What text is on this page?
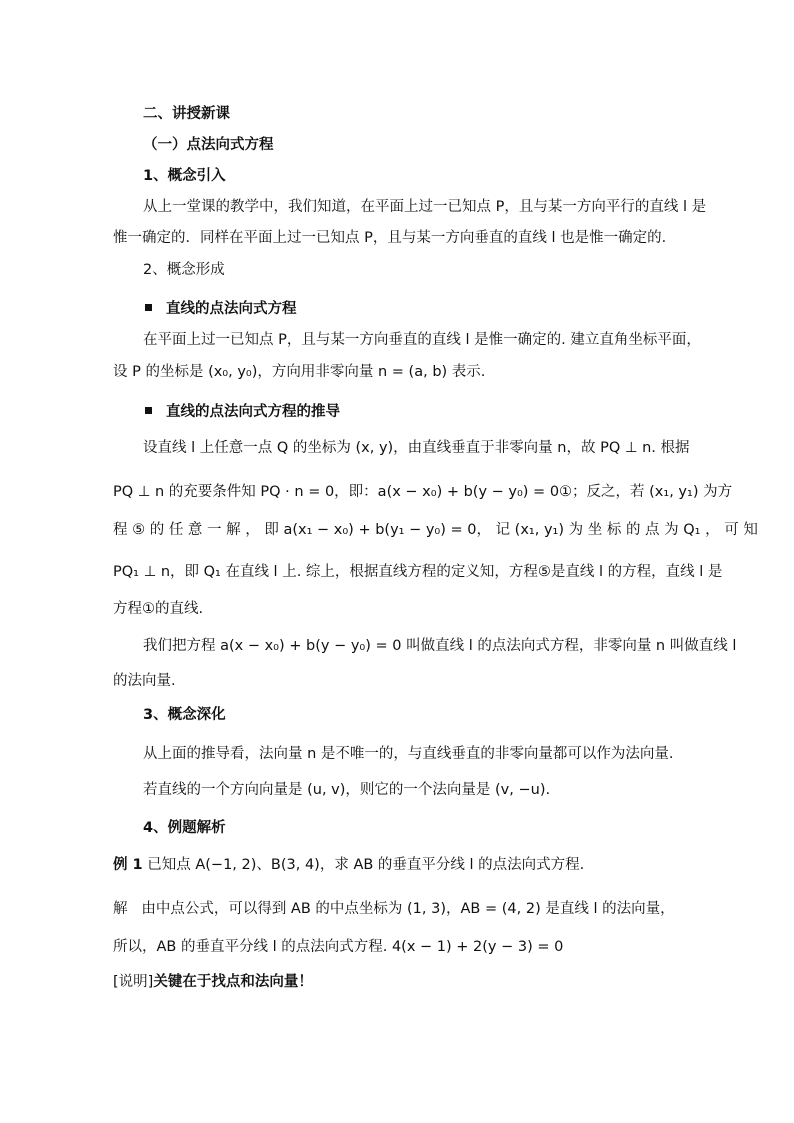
二、讲授新课
（一）点法向式方程
1、概念引入
从上一堂课的教学中，我们知道，在平面上过一已知点 P，且与某一方向平行的直线 l 是
惟一确定的．同样在平面上过一已知点 P，且与某一方向垂直的直线 l 也是惟一确定的．
2、概念形成
直线的点法向式方程
在平面上过一已知点 P，且与某一方向垂直的直线 l 是惟一确定的. 建立直角坐标平面，
设 P 的坐标是 (x₀, y₀)，方向用非零向量 n = (a, b) 表示.
直线的点法向式方程的推导
设直线 l 上任意一点 Q 的坐标为 (x, y)，由直线垂直于非零向量 n，故 PQ ⊥ n. 根据
PQ ⊥ n 的充要条件知 PQ · n = 0，即：a(x − x₀) + b(y − y₀) = 0①；反之，若 (x₁, y₁) 为方
程 ⑤ 的 任 意 一 解 ， 即 a(x₁ − x₀) + b(y₁ − y₀) = 0， 记 (x₁, y₁) 为 坐 标 的 点 为 Q₁ ， 可 知
PQ₁ ⊥ n，即 Q₁ 在直线 l 上. 综上，根据直线方程的定义知，方程⑤是直线 l 的方程，直线 l 是
方程①的直线.
我们把方程 a(x − x₀) + b(y − y₀) = 0 叫做直线 l 的点法向式方程，非零向量 n 叫做直线 l
的法向量.
3、概念深化
从上面的推导看，法向量 n 是不唯一的，与直线垂直的非零向量都可以作为法向量.
若直线的一个方向向量是 (u, v)，则它的一个法向量是 (v, −u).
4、例题解析
例 1 已知点 A(−1, 2)、B(3, 4)，求 AB 的垂直平分线 l 的点法向式方程.
解 由中点公式，可以得到 AB 的中点坐标为 (1, 3)，AB = (4, 2) 是直线 l 的法向量，
所以，AB 的垂直平分线 l 的点法向式方程. 4(x − 1) + 2(y − 3) = 0
[说明]关键在于找点和法向量！
